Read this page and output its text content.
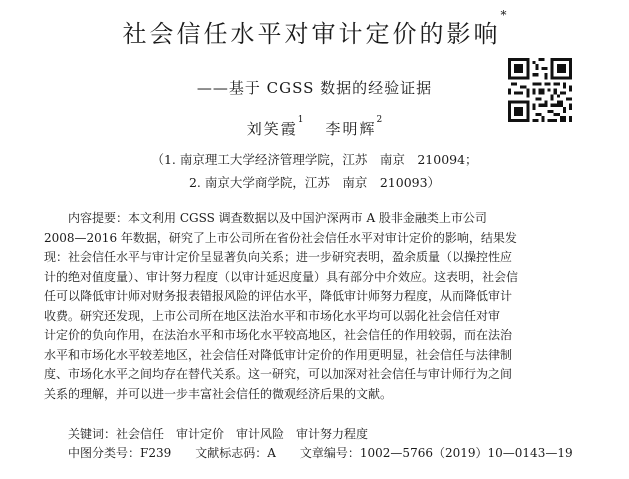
社会信任水平对审计定价的影响*
——基于 CGSS 数据的经验证据
刘笑霞$^1$ 李明辉$^2$
（1. 南京理工大学经济管理学院，江苏　南京　210094；
2. 南京大学商学院，江苏　南京　210093）
内容提要：本文利用 CGSS 调查数据以及中国沪深两市 A 股非金融类上市公司
2008—2016 年数据，研究了上市公司所在省份社会信任水平对审计定价的影响，结果发
现：社会信任水平与审计定价呈显著负向关系；进一步研究表明，盈余质量（以操控性应
计的绝对值度量）、审计努力程度（以审计延迟度量）具有部分中介效应。这表明，社会信
任可以降低审计师对财务报表错报风险的评估水平，降低审计师努力程度，从而降低审计
收费。研究还发现，上市公司所在地区法治水平和市场化水平均可以弱化社会信任对审
计定价的负向作用，在法治水平和市场化水平较高地区，社会信任的作用较弱，而在法治
水平和市场化水平较差地区，社会信任对降低审计定价的作用更明显，社会信任与法律制
度、市场化水平之间均存在替代关系。这一研究，可以加深对社会信任与审计师行为之间
关系的理解，并可以进一步丰富社会信任的微观经济后果的文献。
关键词：社会信任　审计定价　审计风险　审计努力程度
中图分类号：F239　　文献标志码：A　　文章编号：1002—5766（2019）10—0143—19
